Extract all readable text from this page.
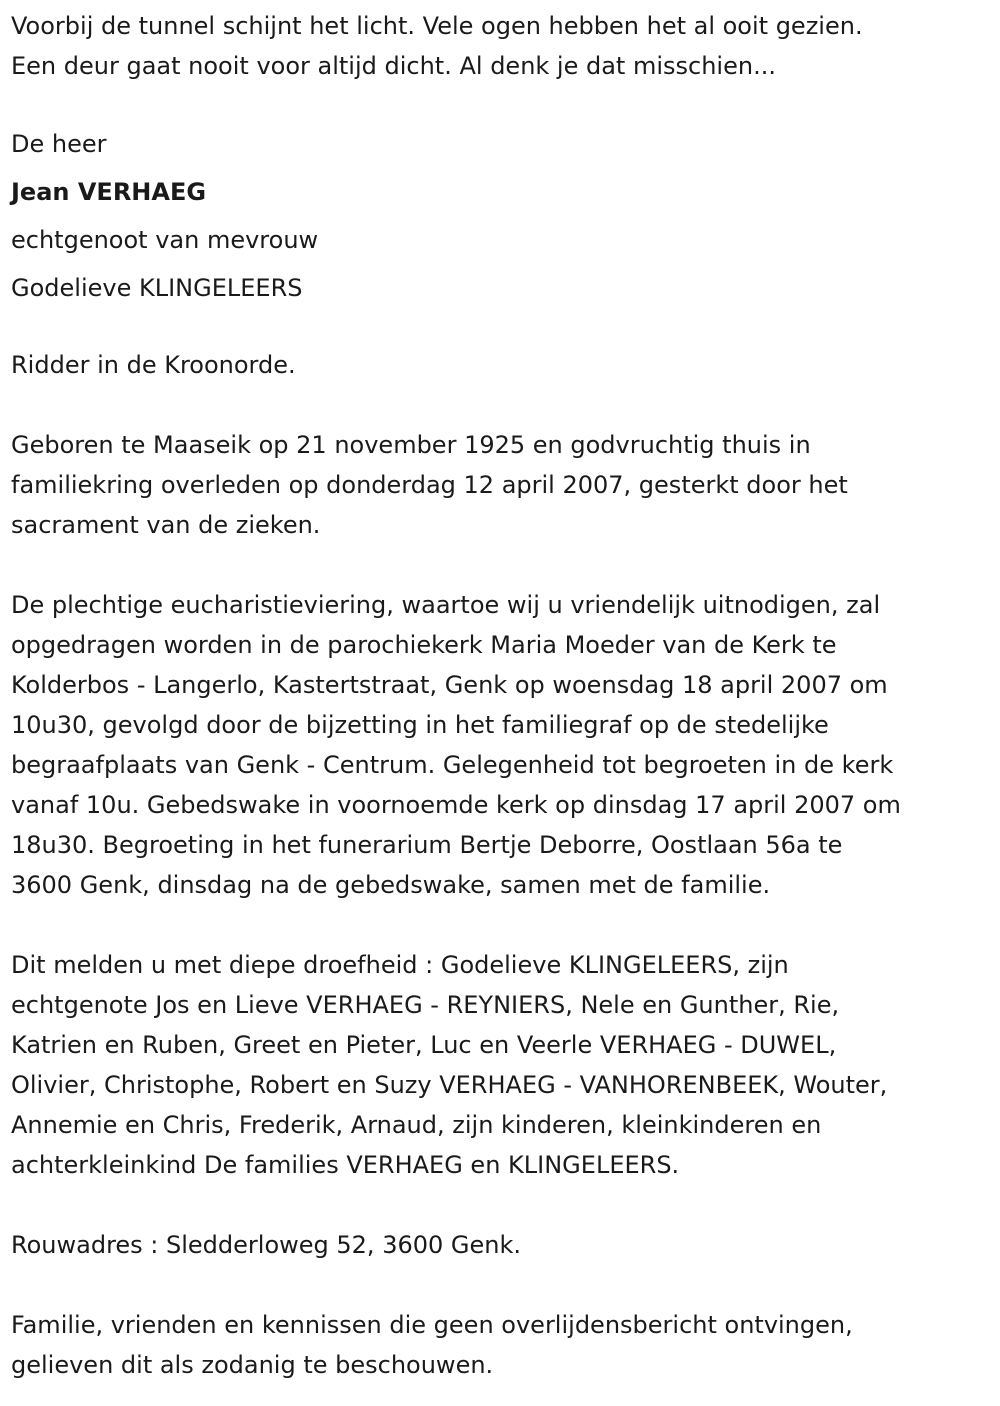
Voorbij de tunnel schijnt het licht. Vele ogen hebben het al ooit gezien.

Een deur gaat nooit voor altijd dicht. Al denk je dat misschien...

De heer

Jean VERHAEG

echtgenoot van mevrouw

Godelieve KLINGELEERS

Ridder in de Kroonorde.

Geboren te Maaseik op 21 november 1925 en godvruchtig thuis in

familiekring overleden op donderdag 12 april 2007, gesterkt door het

sacrament van de zieken.

De plechtige eucharistieviering, waartoe wij u vriendelijk uitnodigen, zal

opgedragen worden in de parochiekerk Maria Moeder van de Kerk te

Kolderbos - Langerlo, Kastertstraat, Genk op woensdag 18 april 2007 om

10u30, gevolgd door de bijzetting in het familiegraf op de stedelijke

begraafplaats van Genk - Centrum. Gelegenheid tot begroeten in de kerk

vanaf 10u. Gebedswake in voornoemde kerk op dinsdag 17 april 2007 om

18u30. Begroeting in het funerarium Bertje Deborre, Oostlaan 56a te

3600 Genk, dinsdag na de gebedswake, samen met de familie.

Dit melden u met diepe droefheid : Godelieve KLINGELEERS, zijn

echtgenote Jos en Lieve VERHAEG - REYNIERS, Nele en Gunther, Rie,

Katrien en Ruben, Greet en Pieter, Luc en Veerle VERHAEG - DUWEL,

Olivier, Christophe, Robert en Suzy VERHAEG - VANHORENBEEK, Wouter,

Annemie en Chris, Frederik, Arnaud, zijn kinderen, kleinkinderen en

achterkleinkind De families VERHAEG en KLINGELEERS.

Rouwadres : Sledderloweg 52, 3600 Genk.

Familie, vrienden en kennissen die geen overlijdensbericht ontvingen,

gelieven dit als zodanig te beschouwen.
